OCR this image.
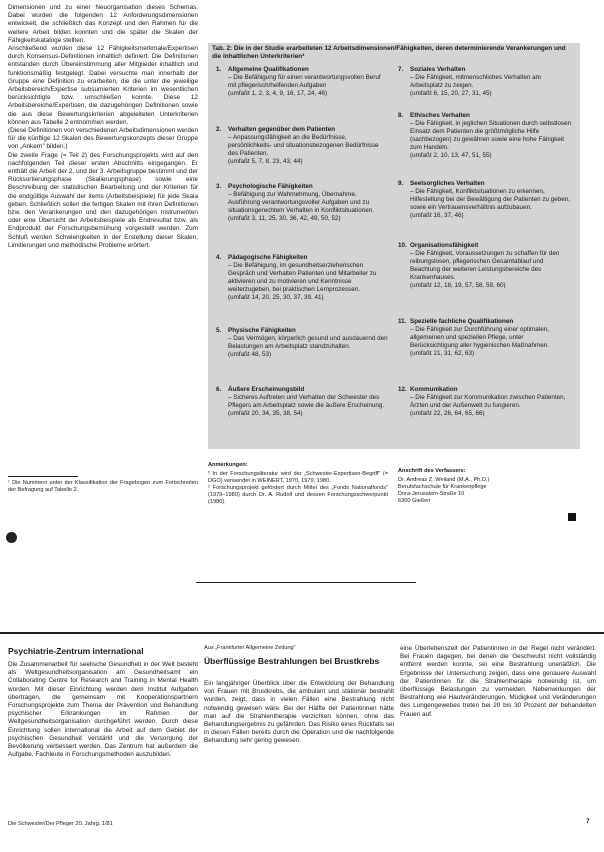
Dimensionen und zu einer Neuorganisation dieses Schemas. Dabei wurden die folgenden 12 Anforderungsdimensionen entwickelt, die schließlich das Konzept und den Rahmen für die weitere Arbeit bilden konnten und die später die Skalen der Fähigkeitskataloge stellten.

Anschließend wurden diese 12 Fähigkeitsmerkmale/Expertisen durch Konsensus-Definitionen inhaltlich definiert. Die Definitionen entstanden durch Übereinstimmung aller Mitglieder inhaltlich und funktionsmäßig festgelegt. Dabei versuchte man innerhalb der Gruppe eine Definition zu erarbeiten, die die unter die jeweilige Arbeitsbereich/Expertise subsumierten Kriterien im wesentlichen berücksichtigte bzw. umschließen konnte. Diese 12 Arbeitsbereiche/Expertisen, die dazugehörigen Definitionen sowie die aus diese Bewertungskriterien abgeleiteten Unterkriterien können aus Tabelle 2 entnommen werden.

(Diese Definitionen von verschiedenen Arbeitsdimensionen werden für die künftige 12 Skalen des Bewertungskonzepts dieser Gruppe von „Ankern" bilden.)

Die zweite Frage (= Teil 2) des Forschungsprojekts wird auf den nachfolgenden Teil dieser ersten Abschnitts eingegangen. Er enthält die Arbeit der 2. und der 3. Arbeitsgruppe bestimmt und der Rücksortierungsphase (Skalierungsphase) sowie eine Beschreibung der statistischen Bearbeitung und der Kriterien für die endgültige Auswahl der items (Arbeitsbeispiele) für jede Skala geben. Schließlich sollen die fertigen Skalen mit ihren Definitionen bzw. den Verankerungen und den dazugehörigen Instrumenten oder eine Übersicht der Arbeitsbeispiele als Endresultat bzw. als Endprodukt der Forschungsbemühung vorgestellt werden. Zum Schluß werden Schwierigkeiten in der Erstellung dieser Skalen, Limitierungen und methodische Probleme erörtert.

¹ Die Nummern unter der Klassifikation der Fragebogen zum Fortschreiten der Befragung auf Tabelle 2.
Tab. 2: Die in der Studie erarbeiteten 12 Arbeitsdimensionen/Fähigkeiten, deren determinierende Verankerungen und die inhaltlichen Unterkriterien²
1. Allgemeine Qualifikationen
– Die Befähigung für einen verantwortungsvollen Beruf mit pflegerisch/helfenden Aufgaben
(umfaßt 1, 2, 3, 4, 9, 16, 17, 24, 46)
2. Verhalten gegenüber dem Patienten
– Anpassungsfähigkeit an die Bedürfnisse, persönlichkeits- und situationsbezogenen Bedürfnisse des Patienten.
(umfaßt 5, 7, 8, 23, 43, 44)
3. Psychologische Fähigkeiten
– Befähigung zur Wahrnehmung, Übernahme, Ausführung verantwortungsvoller Aufgaben und zu situationsgerechtem Verhalten in Konfliktsituationen.
(umfaßt 3, 11, 25, 30, 36, 42, 49, 50, 52)
4. Pädagogische Fähigkeiten
– Die Befähigung, im gesundheitserzieherischen Gespräch und Verhalten Patienten und Mitarbeiter zu aktivieren und zu motivieren und Kenntnisse weiterzugeben, bei praktischen Lernprozessen.
(umfaßt 14, 20, 25, 30, 37, 39, 41)
5. Physische Fähigkeiten
– Das Vermögen, körperlich gesund und ausdauernd den Belastungen am Arbeitsplatz standzuhalten.
(umfaßt 48, 53)
6. Äußere Erscheinungsbild
– Sicheres Auftreten und Verhalten der Schwester des Pflegers am Arbeitsplatz sowie die äußere Erscheinung.
(umfaßt 20, 34, 35, 38, 54)
7. Soziales Verhalten
– Die Fähigkeit, mitmenschliches Verhalten am Arbeitsplatz zu zeigen.
(umfaßt 6, 15, 20, 27, 31, 45)
8. Ethisches Verhalten
– Die Fähigkeit, in jeglichen Situationen durch selbstlosen Einsatz dem Patienten die größtmögliche Hilfe (sachbezogen) zu gewähren sowie eine hohe Fähigkeit zum Handeln.
(umfaßt 2, 10, 13, 47, 51, 55)
9. Seelsorgliches Verhalten
– Die Fähigkeit, Konfliktsituationen zu erkennen, Hilfestellung bei der Bewältigung der Patienten zu geben, sowie ein Vertrauensverhältnis aufzubauen.
(umfaßt 16, 37, 46)
10. Organisationsfähigkeit
– Die Fähigkeit, Voraussetzungen zu schaffen für den reibungslosen, pflegerischen Gesamtablauf und Beachtung der weiteren Leistungsbereiche des Krankenhauses.
(umfaßt 12, 18, 19, 57, 58, 59, 60)
11. Spezielle fachliche Qualifikationen
– Die Fähigkeit zur Durchführung einer optimalen, allgemeinen und speziellen Pflege, unter Berücksichtigung aller hygienischen Maßnahmen.
(umfaßt 21, 31, 62, 63)
12. Kommunikation
– Die Fähigkeit zur Kommunikation zwischen Patienten, Ärzten und der Außenwelt zu fungieren.
(umfaßt 22, 26, 64, 65, 66)
Anmerkungen:
¹ In der Forschungsliteratur wird der „Schwester-Expertisen-Begriff" (= DGO) verwendet in WEINERT, 1970, 1979, 1980.
² Forschungsprojekt gefördert durch Mittel des „Fonds Nationalfonds" (1979–1980) durch Dr. A. Rudolf und dessen Forschungsschwerpunkt (1980).
Anschrift des Verfassers:
Dr. Andreas Z. Weiland (M.A., Ph.D.)
Berufsfachschule für Krankenpflege
Dora-Jerusalem-Straße 10
6300 Gießen
Psychiatrie-Zentrum international
Die Zusammenarbeit für seelische Gesundheit in der Welt besteht als Weltgesundheitsorganisation am Gesundheitsamt ein Collaborating Centre for Research and Training in Mental Health worden. Mit dieser Einrichtung werden dem Institut Aufgaben übertragen, die gemeinsam mit Kooperationspartnern Forschungsprojekte zum Thema der Prävention und Behandlung psychischer Erkrankungen im Rahmen der Weltgesundheitsorganisation durchgeführt werden. Durch diese Einrichtung sollen international die Arbeit auf dem Gebiet der psychischen Gesundheit verstärkt und die Versorgung der Bevölkerung verbessert werden. Das Zentrum hat außerdem die Aufgabe, Fachleute in Forschungsmethoden auszubilden.
Aus „Frankfurter Allgemeine Zeitung"
Überflüssige Bestrahlungen bei Brustkrebs
Ein langjähriger Überblick über die Entwicklung der Behandlung von Frauen mit Brustkrebs, die ambulant und stationär bestrahlt wurden, zeigt, dass in vielen Fällen eine Bestrahlung nicht notwendig gewesen wäre. Bei der Hälfte der Patientinnen hätte man auf die Strahlentherapie verzichten können, ohne das Behandlungsergebnis zu gefährden. Das Risiko eines Rückfalls sei in diesen Fällen bereits durch die Operation und die nachfolgende Behandlung sehr gering gewesen.
eine Überlebenszeit der Patientinnen in der Regel nicht verändert. Bei Frauen dagegen, bei denen die Geschwulst nicht vollständig entfernt werden konnte, sei eine Bestrahlung unerläßlich. Die Ergebnisse der Untersuchung zeigen, dass eine genauere Auswahl der Patientinnen für die Strahlentherapie notwendig ist, um überflüssige Belastungen zu vermeiden. Nebenwirkungen der Bestrahlung wie Hautveränderungen, Müdigkeit und Veränderungen des Lungengewebes treten bei 20 bis 30 Prozent der behandelten Frauen auf.
Die Schwester/Der Pfleger 20. Jahrg. 1/81	7
